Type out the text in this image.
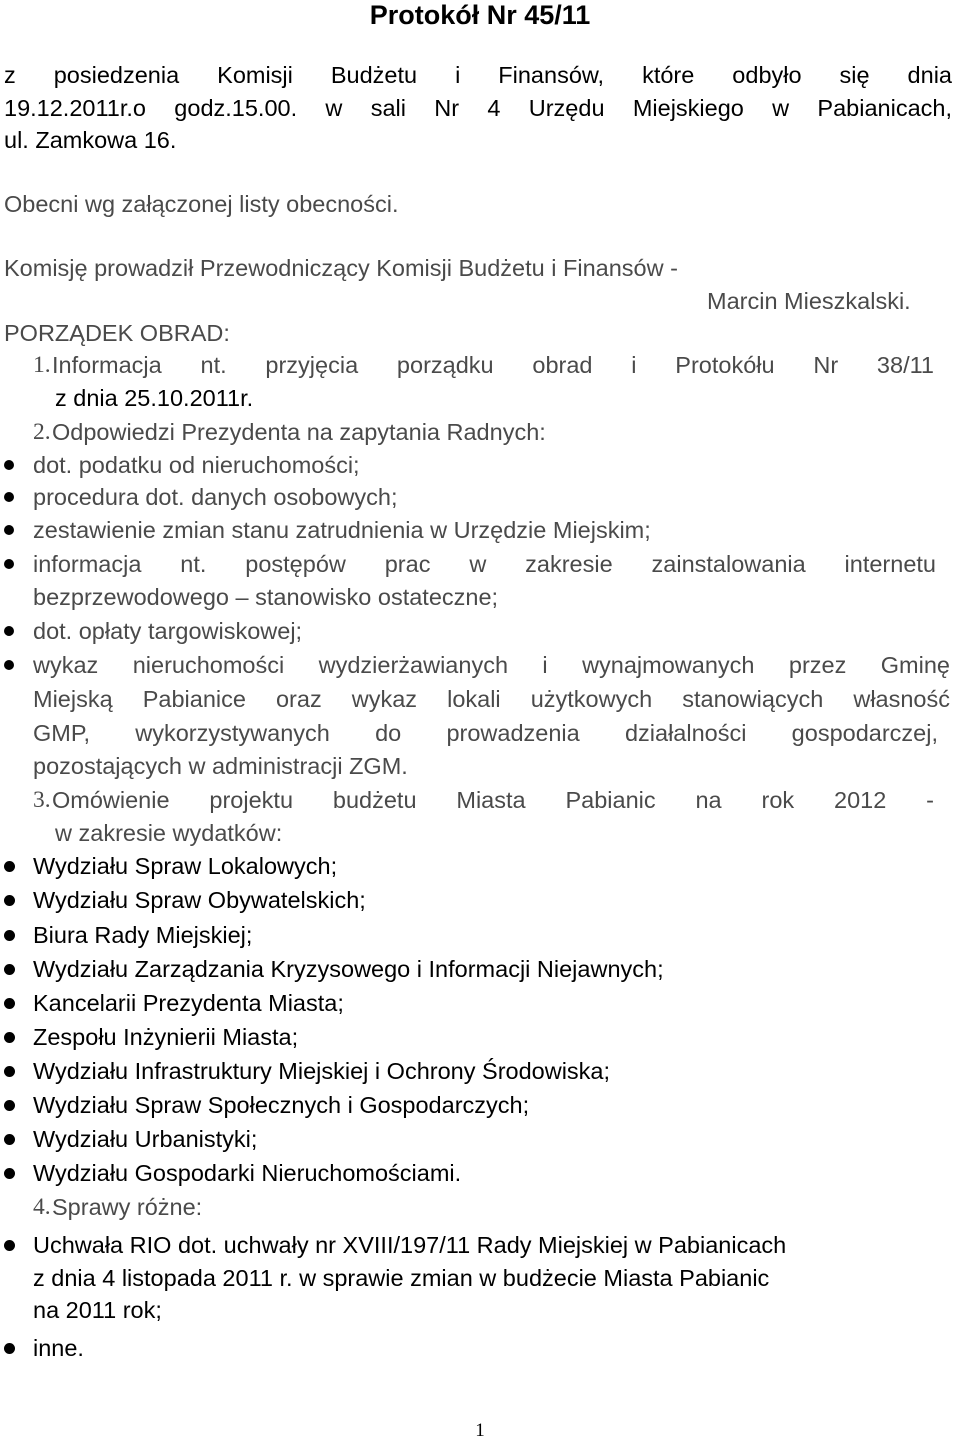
Protokół Nr 45/11
z posiedzenia Komisji Budżetu i Finansów, które odbyło się dnia
19.12.2011r.o godz.15.00. w sali Nr 4 Urzędu Miejskiego w Pabianicach,
ul. Zamkowa 16.
Obecni wg załączonej listy obecności.
Komisję prowadził Przewodniczący Komisji Budżetu i Finansów -
Marcin Mieszkalski.
PORZĄDEK OBRAD:
1. Informacja nt. przyjęcia porządku obrad i Protokółu Nr 38/11
z dnia 25.10.2011r.
2. Odpowiedzi Prezydenta na zapytania Radnych:
dot. podatku od nieruchomości;
procedura dot. danych osobowych;
zestawienie zmian stanu zatrudnienia w Urzędzie Miejskim;
informacja nt. postępów prac w zakresie zainstalowania internetu
bezprzewodowego – stanowisko ostateczne;
dot. opłaty targowiskowej;
wykaz nieruchomości wydzierżawianych i wynajmowanych przez Gminę
Miejską Pabianice oraz wykaz lokali użytkowych stanowiących własność
GMP, wykorzystywanych do prowadzenia działalności gospodarczej,
pozostających w administracji ZGM.
3. Omówienie projektu budżetu Miasta Pabianic na rok 2012 -
w zakresie wydatków:
Wydziału Spraw Lokalowych;
Wydziału Spraw Obywatelskich;
Biura Rady Miejskiej;
Wydziału Zarządzania Kryzysowego i Informacji Niejawnych;
Kancelarii Prezydenta Miasta;
Zespołu Inżynierii Miasta;
Wydziału Infrastruktury Miejskiej i Ochrony Środowiska;
Wydziału Spraw Społecznych i Gospodarczych;
Wydziału Urbanistyki;
Wydziału Gospodarki Nieruchomościami.
4. Sprawy różne:
Uchwała RIO dot. uchwały nr XVIII/197/11 Rady Miejskiej w Pabianicach
z dnia 4 listopada 2011 r. w sprawie zmian w budżecie Miasta Pabianic
na 2011 rok;
inne.
1
